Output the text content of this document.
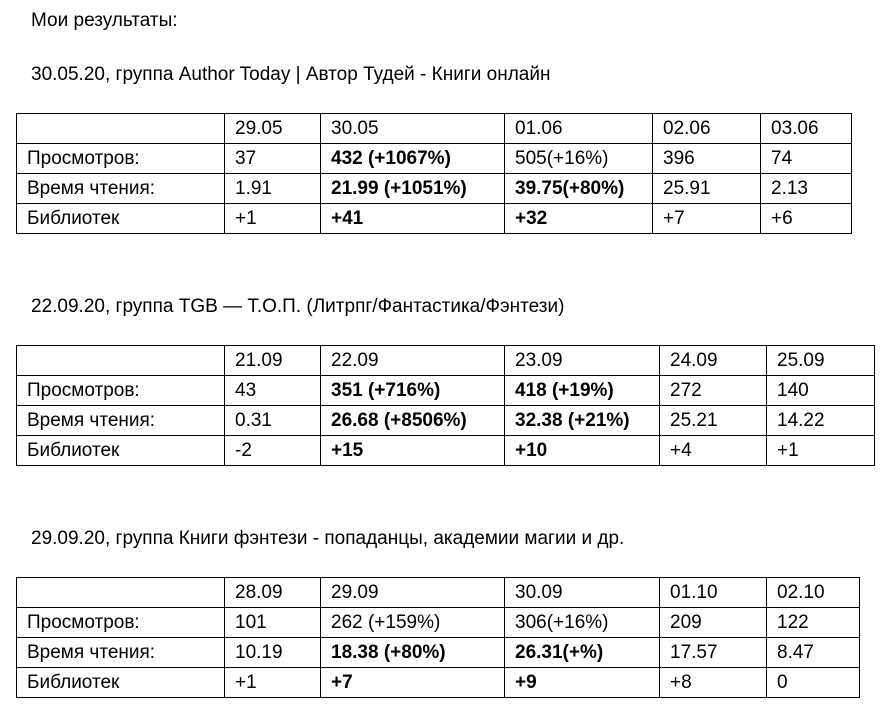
Мои результаты:
30.05.20, группа Author Today | Автор Тудей - Книги онлайн
	29.05	30.05	01.06	02.06	03.06
Просмотров:	37	432 (+1067%)	505(+16%)	396	74
Время чтения:	1.91	21.99 (+1051%)	39.75(+80%)	25.91	2.13
Библиотек	+1	+41	+32	+7	+6
22.09.20, группа TGB — Т.О.П. (Литрпг/Фантастика/Фэнтези)
	21.09	22.09	23.09	24.09	25.09
Просмотров:	43	351 (+716%)	418 (+19%)	272	140
Время чтения:	0.31	26.68 (+8506%)	32.38 (+21%)	25.21	14.22
Библиотек	-2	+15	+10	+4	+1
29.09.20, группа Книги фэнтези - попаданцы, академии магии и др.
	28.09	29.09	30.09	01.10	02.10
Просмотров:	101	262 (+159%)	306(+16%)	209	122
Время чтения:	10.19	18.38 (+80%)	26.31(+%)	17.57	8.47
Библиотек	+1	+7	+9	+8	0
